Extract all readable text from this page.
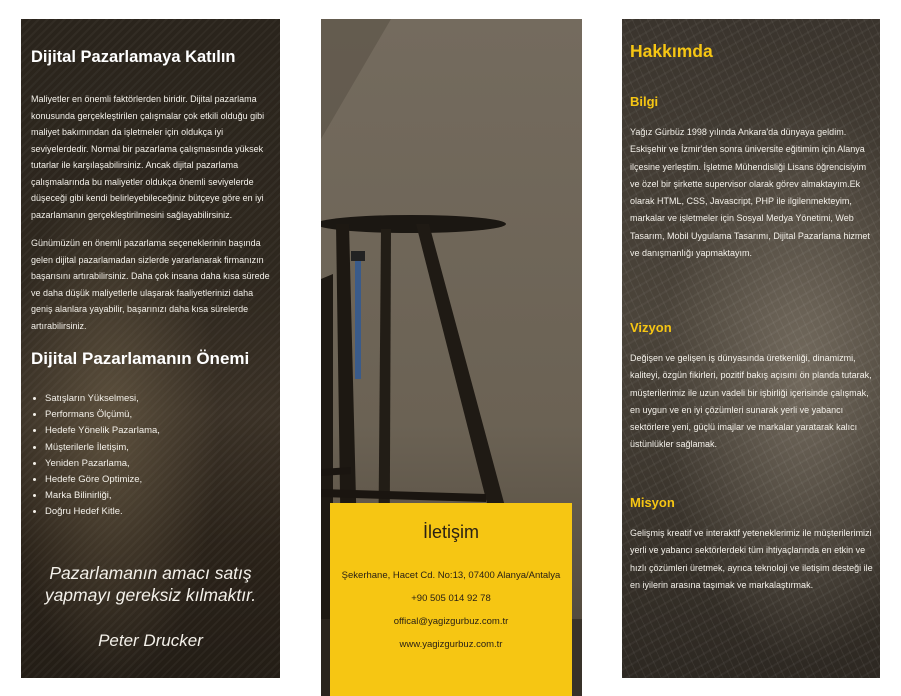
Dijital Pazarlamaya Katılın

Maliyetler en önemli faktörlerden biridir. Dijital pazarlama konusunda gerçekleştirilen çalışmalar çok etkili olduğu gibi maliyet bakımından da işletmeler için oldukça iyi seviyelerdedir. Normal bir pazarlama çalışmasında yüksek tutarlar ile karşılaşabilirsiniz. Ancak dijital pazarlama çalışmalarında bu maliyetler oldukça önemli seviyelerde düşeceği gibi kendi belirleyebileceğiniz bütçeye göre en iyi pazarlamanın gerçekleştirilmesini sağlayabilirsiniz.

Günümüzün en önemli pazarlama seçeneklerinin başında gelen dijital pazarlamadan sizlerde yararlanarak firmanızın başarısını artırabilirsiniz. Daha çok insana daha kısa sürede ve daha düşük maliyetlerle ulaşarak faaliyetlerinizi daha geniş alanlara yayabilir, başarınızı daha kısa sürelerde artırabilirsiniz.

Dijital Pazarlamanın Önemi
• Satışların Yükselmesi,
• Performans Ölçümü,
• Hedefe Yönelik Pazarlama,
• Müşterilerle İletişim,
• Yeniden Pazarlama,
• Hedefe Göre Optimize,
• Marka Bilinirliği,
• Doğru Hedef Kitle.
Pazarlamanın amacı satış
yapmayı gereksiz kılmaktır.
Peter Drucker
İletişim
Şekerhane, Hacet Cd. No:13, 07400 Alanya/Antalya
+90 505 014 92 78
offical@yagizgurbuz.com.tr
www.yagizgurbuz.com.tr
Hakkımda
Bilgi

Yağız Gürbüz 1998 yılında Ankara'da dünyaya geldim. Eskişehir ve İzmir'den sonra üniversite eğitimim için Alanya ilçesine yerleştim. İşletme Mühendisliği Lisans öğrencisiyim ve özel bir şirkette supervisor olarak görev almaktayım.Ek olarak HTML, CSS, Javascript, PHP ile ilgilenmekteyim, markalar ve işletmeler için Sosyal Medya Yönetimi, Web Tasarım, Mobil Uygulama Tasarımı, Dijital Pazarlama hizmet ve danışmanlığı yapmaktayım.

Vizyon

Değişen ve gelişen iş dünyasında üretkenliği, dinamizmi, kaliteyi, özgün fikirleri, pozitif bakış açısını ön planda tutarak, müşterilerimiz ile uzun vadeli bir işbirliği içerisinde çalışmak, en uygun ve en iyi çözümleri sunarak yerli ve yabancı sektörlere yeni, güçlü imajlar ve markalar yaratarak kalıcı üstünlükler sağlamak.

Misyon

Gelişmiş kreatif ve interaktif yeteneklerimiz ile müşterilerimizi yerli ve yabancı sektörlerdeki tüm ihtiyaçlarında en etkin ve hızlı çözümleri üretmek, ayrıca teknoloji ve iletişim desteği ile en iyilerin arasına taşımak ve markalaştırmak.
